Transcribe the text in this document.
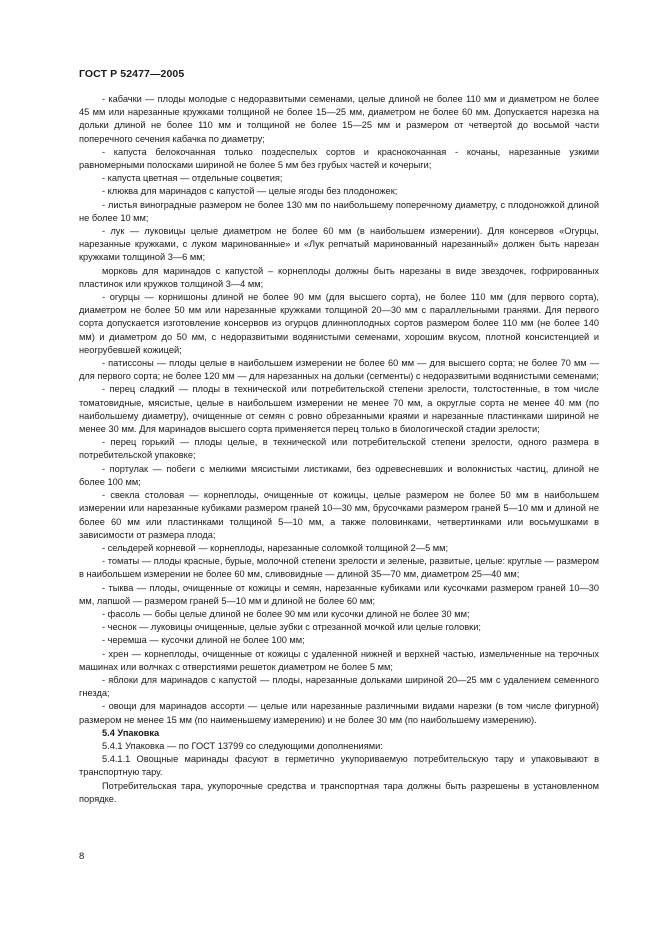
ГОСТ Р 52477—2005

- кабачки — плоды молодые с недоразвитыми семенами, целые длиной не более 110 мм и диаметром не более 45 мм или нарезанные кружками толщиной не более 15—25 мм, диаметром не более 60 мм. Допускается нарезка на дольки длиной не более 110 мм и толщиной не более 15—25 мм и размером от четвертой до восьмой части поперечного сечения кабачка по диаметру;

- капуста белокочанная только поздеспелых сортов и краснокочанная - кочаны, нарезанные узкими равномерными полосками шириной не более 5 мм без грубых частей и кочерыги;

- капуста цветная — отдельные соцветия;

- клюква для маринадов с капустой — целые ягоды без плодоножек;

- листья виноградные размером не более 130 мм по наибольшему поперечному диаметру, с плодоножкой длиной не более 10 мм;

- лук — луковицы целые диаметром не более 60 мм (в наибольшем измерении). Для консервов «Огурцы, нарезанные кружками, с луком маринованные» и «Лук репчатый маринованный нарезанный» должен быть нарезан кружками толщиной 3—6 мм;

морковь для маринадов с капустой – корнеплоды должны быть нарезаны в виде звездочек, гофрированных пластинок или кружков толщиной 3—4 мм;

- огурцы — корнишоны длиной не более 90 мм (для высшего сорта), не более 110 мм (для первого сорта), диаметром не более 50 мм или нарезанные кружками толщиной 20—30 мм с параллельными гранями. Для первого сорта допускается изготовление консервов из огурцов длинноплодных сортов размером более 110 мм (не более 140 мм) и диаметром до 50 мм, с недоразвитыми водянистыми семенами, хорошим вкусом, плотной консистенцией и неогрубевшей кожицей;

- патиссоны — плоды целые в наибольшем измерении не более 60 мм — для высшего сорта; не более 70 мм — для первого сорта; не более 120 мм — для нарезанных на дольки (сегменты) с недоразвитыми водянистыми семенами;

- перец сладкий — плоды в технической или потребительской степени зрелости, толстостенные, в том числе томатовидные, мясистые, целые в наибольшем измерении не менее 70 мм, а округлые сорта не менее 40 мм (по наибольшему диаметру), очищенные от семян с ровно обрезанными краями и нарезанные пластинками шириной не менее 30 мм. Для маринадов высшего сорта применяется перец только в биологической стадии зрелости;

- перец горький — плоды целые, в технической или потребительской степени зрелости, одного размера в потребительской упаковке;

- портулак — побеги с мелкими мясистыми листиками, без одревесневших и волокнистых частиц, длиной не более 100 мм;

- свекла столовая — корнеплоды, очищенные от кожицы, целые размером не более 50 мм в наибольшем измерении или нарезанные кубиками размером граней 10—30 мм, брусочками размером граней 5—10 мм и длиной не более 60 мм или пластинками толщиной 5—10 мм, а также половинками, четвертинками или восьмушками в зависимости от размера плода;

- сельдерей корневой — корнеплоды, нарезанные соломкой толщиной 2—5 мм;

- томаты — плоды красные, бурые, молочной степени зрелости и зеленые, развитые, целые: круглые — размером в наибольшем измерении не более 60 мм, сливовидные — длиной 35—70 мм, диаметром 25—40 мм;

- тыква — плоды, очищенные от кожицы и семян, нарезанные кубиками или кусочками размером граней 10—30 мм, лапшой — размером граней 5—10 мм и длиной не более 60 мм;

- фасоль — бобы целые длиной не более 90 мм или кусочки длиной не более 30 мм;

- чеснок — луковицы очищенные, целые зубки с отрезанной мочкой или целые головки;

- черемша — кусочки длиной не более 100 мм;

- хрен — корнеплоды, очищенные от кожицы с удаленной нижней и верхней частью, измельченные на терочных машинах или волчках с отверстиями решеток диаметром не более 5 мм;

- яблоки для маринадов с капустой — плоды, нарезанные дольками шириной 20—25 мм с удалением семенного гнезда;

- овощи для маринадов ассорти — целые или нарезанные различными видами нарезки (в том числе фигурной) размером не менее 15 мм (по наименьшему измерению) и не более 30 мм (по наибольшему измерению).

5.4 Упаковка

5.4.1 Упаковка — по ГОСТ 13799 со следующими дополнениями:

5.4.1.1 Овощные маринады фасуют в герметично укупориваемую потребительскую тару и упаковывают в транспортную тару.

Потребительская тара, укупорочные средства и транспортная тара должны быть разрешены в установленном порядке.

8
